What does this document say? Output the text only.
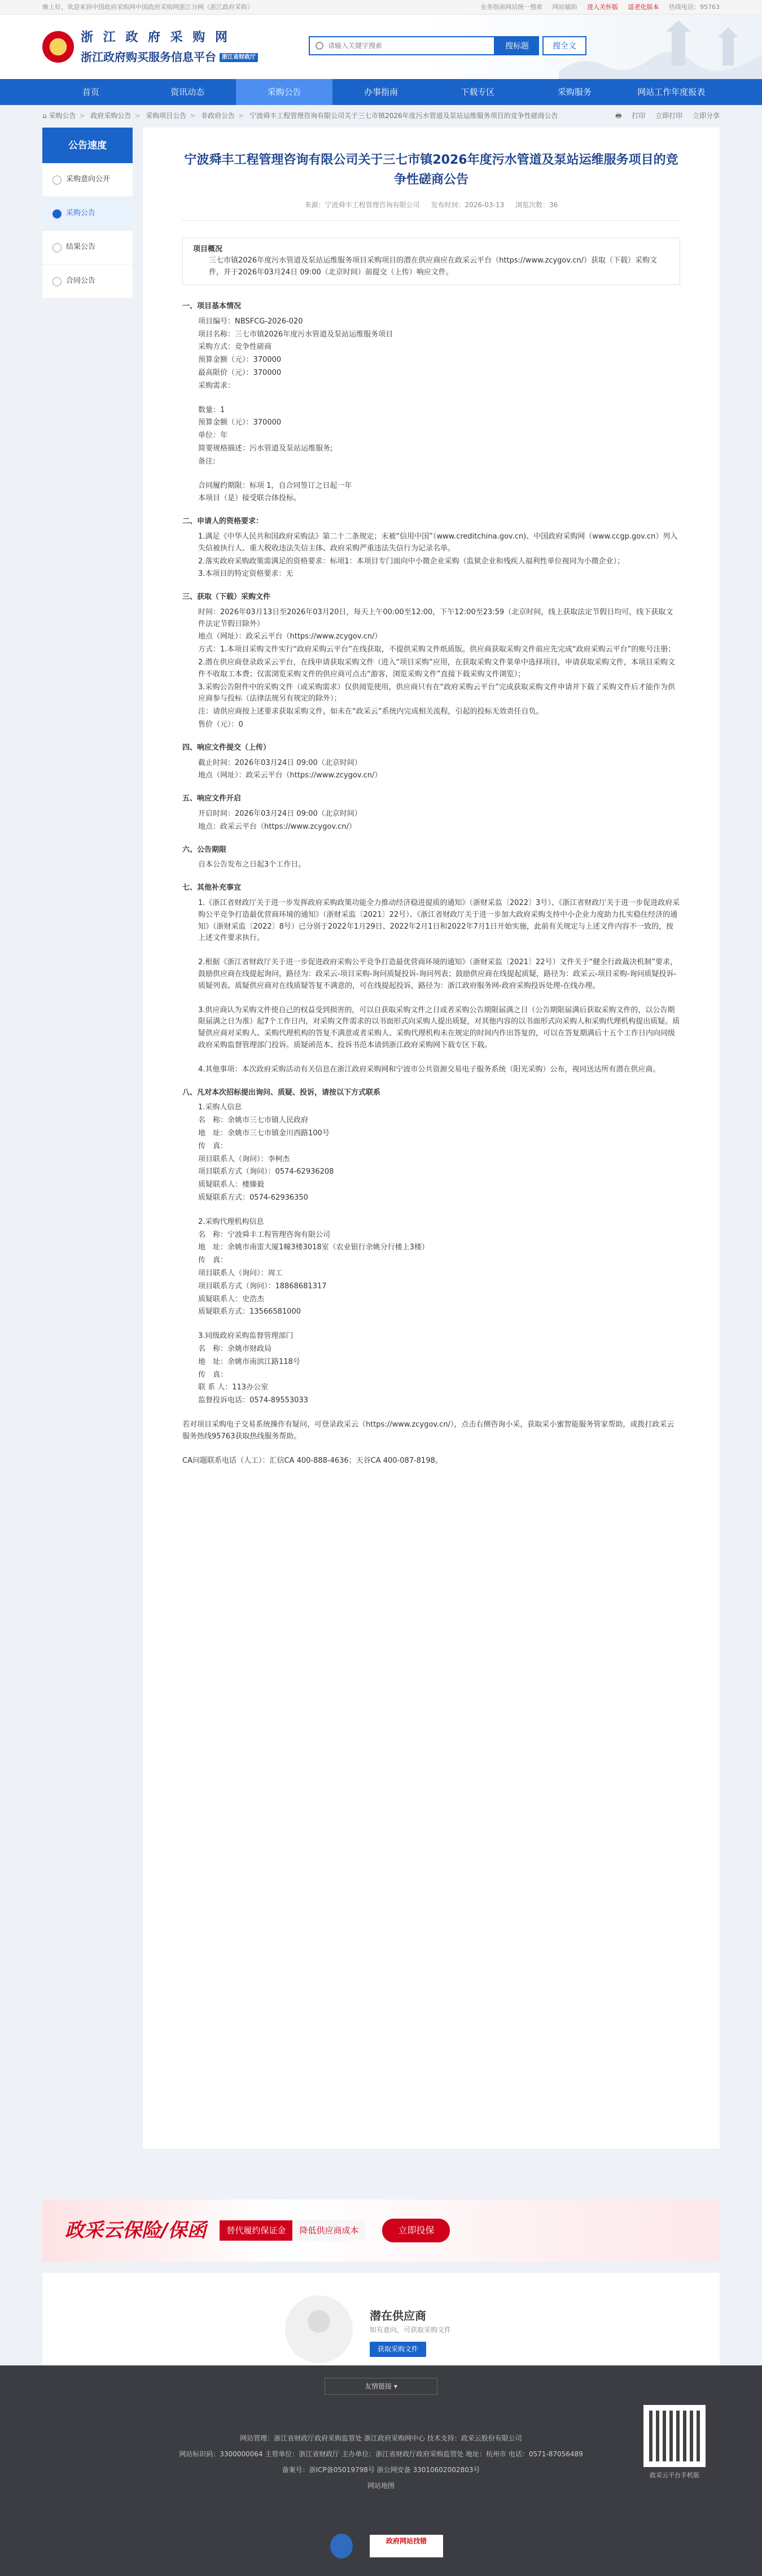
晚上好，欢迎来到中国政府采购网中国政府采购网浙江分网（浙江政府采购）	业务指南网站统一搜索 网站辅助 进入关怀版 适老化版本 热线电话：95763
★
浙 江 政 府 采 购 网
浙江政府购买服务信息平台 浙江省财政厅
请输入关键字搜索
搜标题	搜全文
首页	资讯动态	采购公告	办事指南	下载专区	采购服务	网站工作年度报表
⌂ 采购公告 > 政府采购公告 > 采购项目公告 > 非政府公告 > 宁波舜丰工程管理咨询有限公司关于三七市镇2026年度污水管道及泵站运维服务项目的竞争性磋商公告	🖶 打印 立即打印 立即分享
公告速度
采购意向公开
采购公告
结果公告
合同公告
宁波舜丰工程管理咨询有限公司关于三七市镇2026年度污水管道及泵站运维服务项目的竞争性磋商公告
来源：宁波舜丰工程管理咨询有限公司 发布时间：2026-03-13 浏览次数：36
项目概况
三七市镇2026年度污水管道及泵站运维服务项目采购项目的潜在供应商应在政采云平台（https://www.zcygov.cn/）获取（下载）采购文件，并于2026年03月24日 09:00（北京时间）前提交（上传）响应文件。
一、项目基本情况
项目编号：NBSFCG-2026-020
项目名称：三七市镇2026年度污水管道及泵站运维服务项目
采购方式：竞争性磋商
预算金额（元）：370000
最高限价（元）：370000
采购需求：
数量：1
预算金额（元）：370000
单位：年
简要规格描述：污水管道及泵站运维服务;
备注:
合同履约期限：标项 1，自合同签订之日起一年
本项目（是）接受联合体投标。
二、申请人的资格要求：
1.满足《中华人民共和国政府采购法》第二十二条规定；未被“信用中国”（www.creditchina.gov.cn)、中国政府采购网（www.ccgp.gov.cn）列入失信被执行人、重大税收违法失信主体、政府采购严重违法失信行为记录名单。
2.落实政府采购政策需满足的资格要求：标项1：本项目专门面向中小微企业采购（监狱企业和残疾人福利性单位视同为小微企业）；
3.本项目的特定资格要求：无
三、获取（下载）采购文件
时间：2026年03月13日至2026年03月20日，每天上午00:00至12:00，下午12:00至23:59（北京时间，线上获取法定节假日均可，线下获取文件法定节假日除外）
地点（网址）：政采云平台（https://www.zcygov.cn/）
方式：1.本项目采购文件实行“政府采购云平台”在线获取，不提供采购文件纸质版。供应商获取采购文件前应先完成“政府采购云平台”的账号注册；
2.潜在供应商登录政采云平台，在线申请获取采购文件（进入“项目采购”应用，在获取采购文件菜单中选择项目，申请获取采购文件，本项目采购文件不收取工本费；仅需浏览采购文件的供应商可点击“游客，浏览采购文件”直接下载采购文件浏览）；
3.采购公告附件中的采购文件（或采购需求）仅供阅览使用，供应商只有在“政府采购云平台”完成获取采购文件申请并下载了采购文件后才能作为供应商参与投标（法律法规另有规定的除外）；
注：请供应商按上述要求获取采购文件，如未在“政采云”系统内完成相关流程，引起的投标无效责任自负。
售价（元）：0
四、响应文件提交（上传）
截止时间：2026年03月24日 09:00（北京时间）
地点（网址）：政采云平台（https://www.zcygov.cn/）
五、响应文件开启
开启时间：2026年03月24日 09:00（北京时间）
地点：政采云平台（https://www.zcygov.cn/）
六、公告期限
自本公告发布之日起3个工作日。
七、其他补充事宜
1.《浙江省财政厅关于进一步发挥政府采购政策功能全力推动经济稳进提质的通知》（浙财采监〔2022〕3号）、《浙江省财政厅关于进一步促进政府采购公平竞争打造最优营商环境的通知》（浙财采监〔2021〕22号）、《浙江省财政厅关于进一步加大政府采购支持中小企业力度助力扎实稳住经济的通知》（浙财采监〔2022〕8号）已分别于2022年1月29日、2022年2月1日和2022年7月1日开始实施，此前有关规定与上述文件内容不一致的，按上述文件要求执行。
2.根据《浙江省财政厅关于进一步促进政府采购公平竞争打造最优营商环境的通知》（浙财采监〔2021〕22号）文件关于“健全行政裁决机制”要求，鼓励供应商在线提起询问，路径为：政采云-项目采购-询问质疑投诉-询问列表；鼓励供应商在线提起质疑，路径为：政采云-项目采购-询问质疑投诉-质疑列表。质疑供应商对在线质疑答复不满意的，可在线提起投诉，路径为：浙江政府服务网-政府采购投诉处理-在线办理。
3.供应商认为采购文件使自己的权益受到损害的，可以自获取采购文件之日或者采购公告期限届满之日（公告期限届满后获取采购文件的，以公告期限届满之日为准）起7个工作日内，对采购文件需求的以书面形式向采购人提出质疑，对其他内容的以书面形式向采购人和采购代理机构提出质疑。质疑供应商对采购人、采购代理机构的答复不满意或者采购人、采购代理机构未在规定的时间内作出答复的，可以在答复期满后十五个工作日内向同级政府采购监督管理部门投诉。质疑函范本、投诉书范本请到浙江政府采购网下载专区下载。
4.其他事项：本次政府采购活动有关信息在浙江政府采购网和宁波市公共资源交易电子服务系统（阳光采购）公布，视同送达所有潜在供应商。
八、凡对本次招标提出询问、质疑、投诉，请按以下方式联系
1.采购人信息
名　称：余姚市三七市镇人民政府
地　址：余姚市三七市镇金川西路100号
传　真：
项目联系人（询问）：李柯杰
项目联系方式（询问）：0574-62936208
质疑联系人：楼臻毅
质疑联系方式：0574-62936350
2.采购代理机构信息
名　称：宁波舜丰工程管理咨询有限公司
地　址：余姚市南雷大厦1幢3楼3018室（农业银行余姚分行楼上3楼）
传　真：
项目联系人（询问）：周工
项目联系方式（询问）：18868681317
质疑联系人：史浩杰
质疑联系方式：13566581000
3.同级政府采购监督管理部门
名　称：余姚市财政局
地　址：余姚市南滨江路118号
传　真：
联 系 人：113办公室
监督投诉电话：0574-89553033
若对项目采购电子交易系统操作有疑问，可登录政采云（https://www.zcygov.cn/），点击右侧咨询小采，获取采小蜜智能服务管家帮助，或拨打政采云服务热线95763获取热线服务帮助。
CA问题联系电话（人工）：汇信CA 400-888-4636；天谷CA 400-087-8198。
政采云保险/保函	替代履约保证金	降低供应商成本	立即投保
潜在供应商
如有意向，可获取采购文件
获取采购文件
友情链接 ▾
网站管理：浙江省财政厅政府采购监管处 浙江政府采购网中心 技术支持：政采云股份有限公司
网站标识码：3300000064 主管单位：浙江省财政厅 主办单位：浙江省财政厅政府采购监管处 地址：杭州市 电话：0571-87056489
备案号：浙ICP备05019798号 浙公网安备 33010602002803号
网站地图
政采云平台手机版
政府网站找错
